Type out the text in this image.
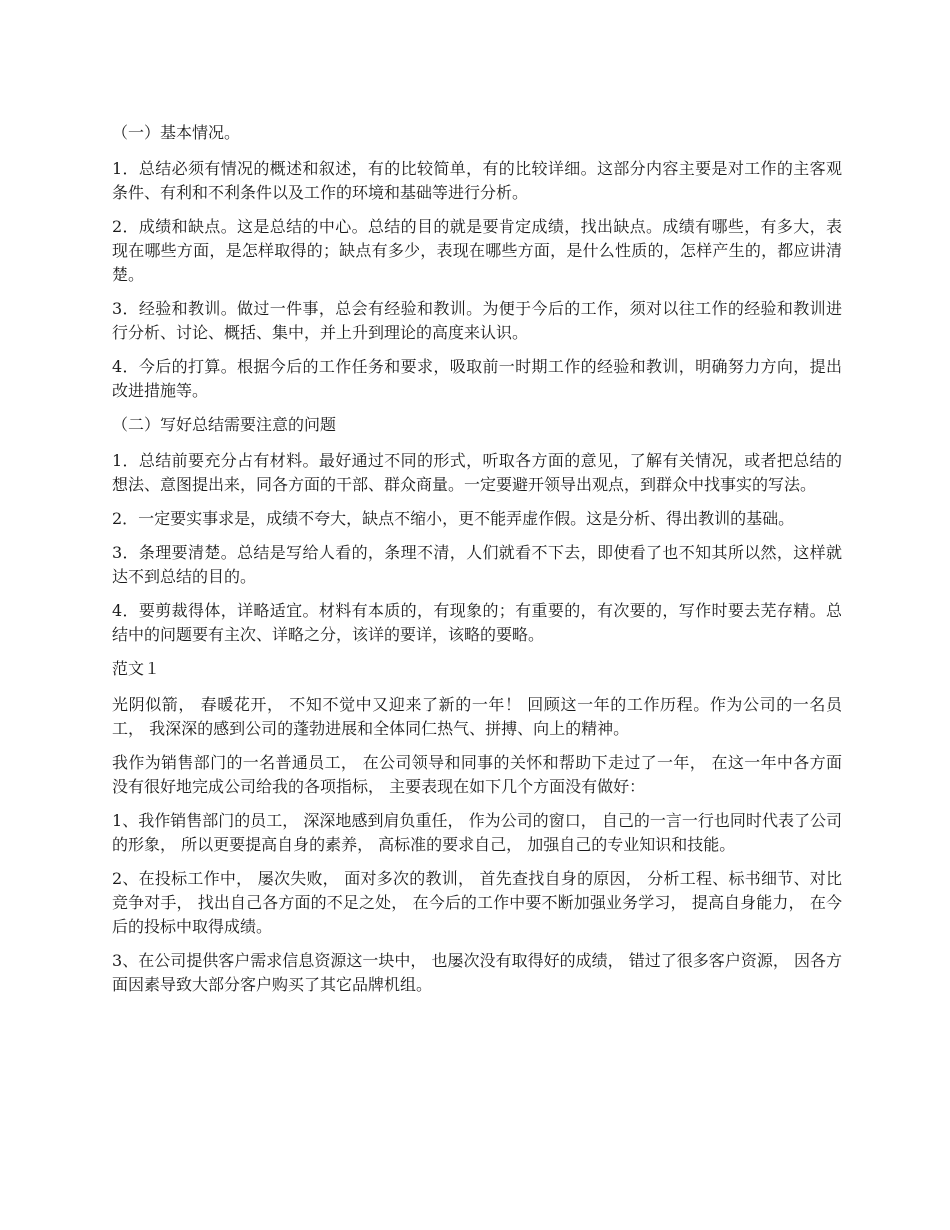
（一）基本情况。

1．总结必须有情况的概述和叙述，有的比较简单，有的比较详细。这部分内容主要是对工作的主客观条件、有利和不利条件以及工作的环境和基础等进行分析。

2．成绩和缺点。这是总结的中心。总结的目的就是要肯定成绩，找出缺点。成绩有哪些，有多大，表现在哪些方面，是怎样取得的；缺点有多少，表现在哪些方面，是什么性质的，怎样产生的，都应讲清楚。

3．经验和教训。做过一件事，总会有经验和教训。为便于今后的工作，须对以往工作的经验和教训进行分析、讨论、概括、集中，并上升到理论的高度来认识。

4．今后的打算。根据今后的工作任务和要求，吸取前一时期工作的经验和教训，明确努力方向，提出改进措施等。

（二）写好总结需要注意的问题

1．总结前要充分占有材料。最好通过不同的形式，听取各方面的意见，了解有关情况，或者把总结的想法、意图提出来，同各方面的干部、群众商量。一定要避开领导出观点，到群众中找事实的写法。

2．一定要实事求是，成绩不夸大，缺点不缩小，更不能弄虚作假。这是分析、得出教训的基础。

3．条理要清楚。总结是写给人看的，条理不清，人们就看不下去，即使看了也不知其所以然，这样就达不到总结的目的。

4．要剪裁得体，详略适宜。材料有本质的，有现象的；有重要的，有次要的，写作时要去芜存精。总结中的问题要有主次、详略之分，该详的要详，该略的要略。

范文１

光阴似箭， 春暖花开， 不知不觉中又迎来了新的一年！ 回顾这一年的工作历程。作为公司的一名员工， 我深深的感到公司的蓬勃进展和全体同仁热气、拼搏、向上的精神。

我作为销售部门的一名普通员工， 在公司领导和同事的关怀和帮助下走过了一年， 在这一年中各方面没有很好地完成公司给我的各项指标， 主要表现在如下几个方面没有做好：

1、我作销售部门的员工， 深深地感到肩负重任， 作为公司的窗口， 自己的一言一行也同时代表了公司的形象， 所以更要提高自身的素养， 高标准的要求自己， 加强自己的专业知识和技能。

2、在投标工作中， 屡次失败， 面对多次的教训， 首先查找自身的原因， 分析工程、标书细节、对比竞争对手， 找出自己各方面的不足之处， 在今后的工作中要不断加强业务学习， 提高自身能力， 在今后的投标中取得成绩。

3、在公司提供客户需求信息资源这一块中， 也屡次没有取得好的成绩， 错过了很多客户资源， 因各方面因素导致大部分客户购买了其它品牌机组。
